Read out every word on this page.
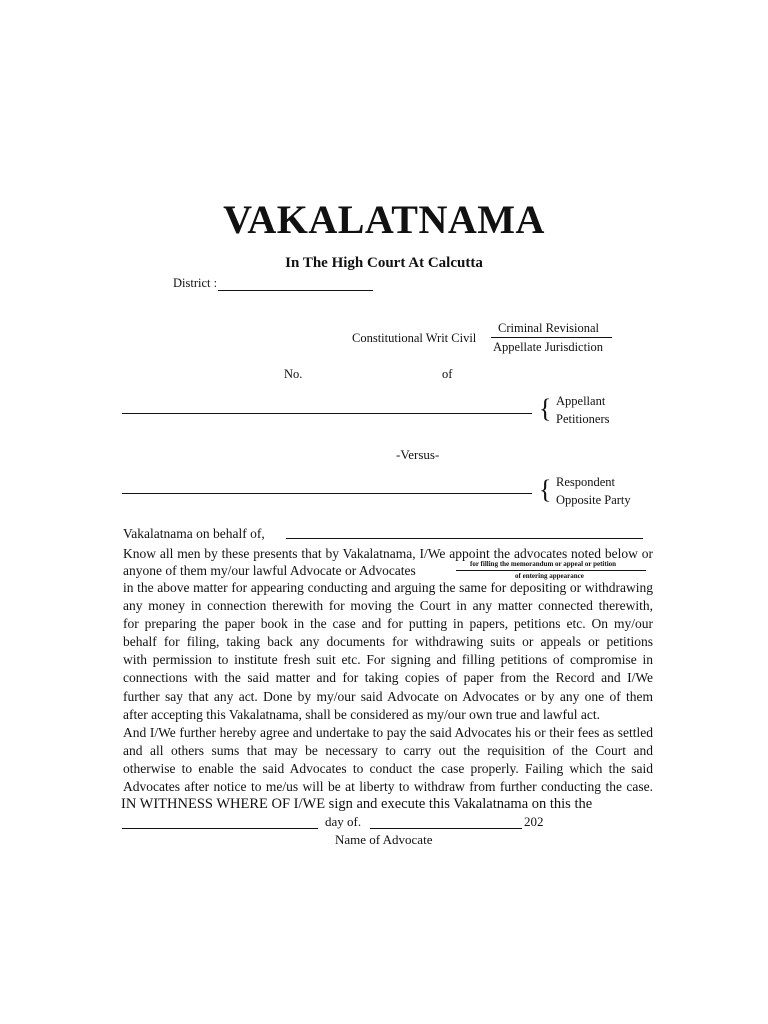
VAKALATNAMA
In The High Court At Calcutta
District :
Constitutional Writ Civil
Criminal Revisional
Appellate Jurisdiction
No.	of
{ Appellant
Petitioners
-Versus-
{ Respondent
Opposite Party
Vakalatnama on behalf of,
Know all men by these presents that by Vakalatnama, I/We appoint the advocates noted below or
anyone of them my/our lawful Advocate or Advocates	for filling the memorandum or appeal or petition
of entering appearance

in the above matter for appearing conducting and arguing the same for depositing or withdrawing

any money in connection therewith for moving the Court in any matter connected therewith,

for preparing the paper book in the case and for putting in papers, petitions etc. On my/our

behalf for filing, taking back any documents for withdrawing suits or appeals or petitions

with permission to institute fresh suit etc. For signing and filling petitions of compromise in

connections with the said matter and for taking copies of paper from the Record and I/We

further say that any act. Done by my/our said Advocate on Advocates or by any one of them

after accepting this Vakalatnama, shall be considered as my/our own true and lawful act.

And I/We further hereby agree and undertake to pay the said Advocates his or their fees as settled

and all others sums that may be necessary to carry out the requisition of the Court and

otherwise to enable the said Advocates to conduct the case properly. Failing which the said

Advocates after notice to me/us will be at liberty to withdraw from further conducting the case.

IN WITHNESS WHERE OF I/WE sign and execute this Vakalatnama on this the
day of.	202
Name of Advocate
